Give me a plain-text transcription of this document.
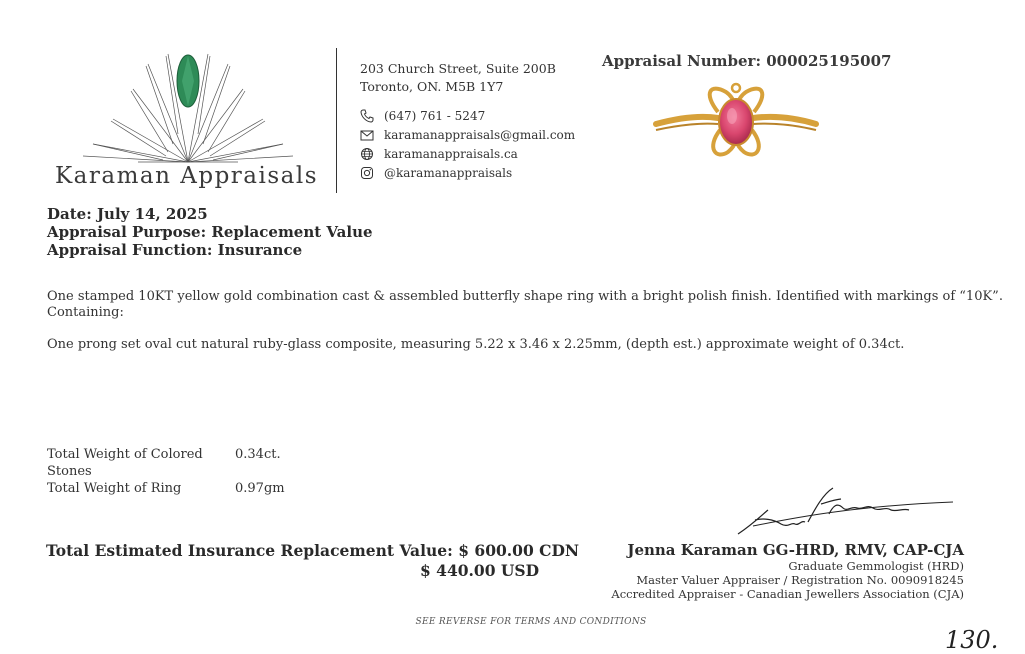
Karaman Appraisals
203 Church Street, Suite 200B
Toronto, ON. M5B 1Y7
(647) 761 - 5247
karamanappraisals@gmail.com
karamanappraisals.ca
@karamanappraisals
Appraisal Number: 000025195007
Date: July 14, 2025
Appraisal Purpose: Replacement Value
Appraisal Function: Insurance
One stamped 10KT yellow gold combination cast & assembled butterfly shape ring with a bright polish finish. Identified with markings of “10K”.
Containing:
One prong set oval cut natural ruby-glass composite, measuring 5.22 x 3.46 x 2.25mm, (depth est.) approximate weight of 0.34ct.
Total Weight of Colored Stones
0.34ct.
Total Weight of Ring	0.97gm
Total Estimated Insurance Replacement Value: $ 600.00 CDN
$ 440.00 USD
Jenna Karaman GG-HRD, RMV, CAP-CJA
Graduate Gemmologist (HRD)
Master Valuer Appraiser / Registration No. 0090918245
Accredited Appraiser - Canadian Jewellers Association (CJA)
SEE REVERSE FOR TERMS AND CONDITIONS
130.
